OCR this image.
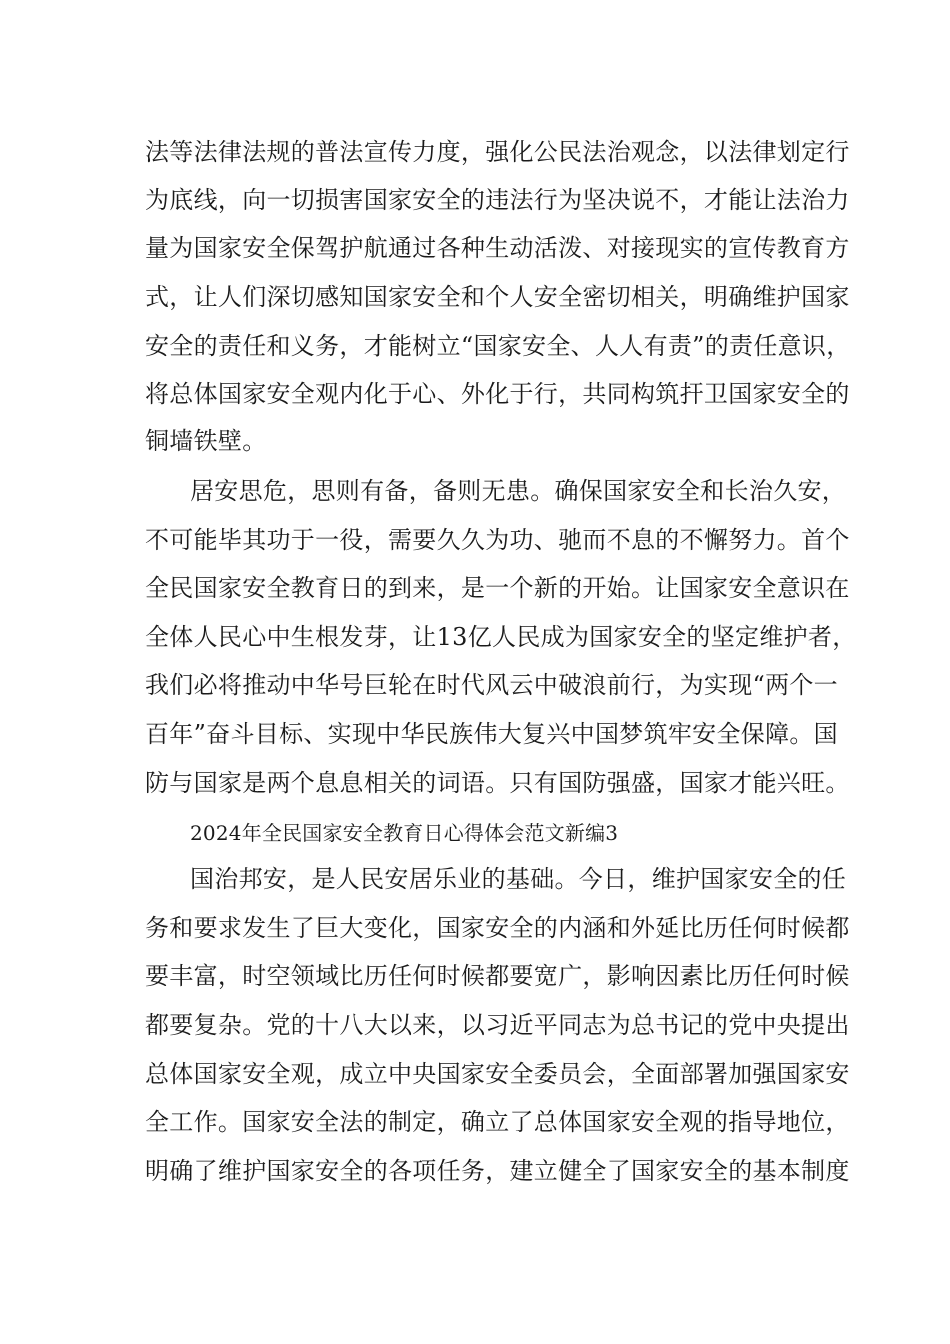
法等法律法规的普法宣传力度，强化公民法治观念，以法律划定行
为底线，向一切损害国家安全的违法行为坚决说不，才能让法治力
量为国家安全保驾护航通过各种生动活泼、对接现实的宣传教育方
式，让人们深切感知国家安全和个人安全密切相关，明确维护国家
安全的责任和义务，才能树立“国家安全、人人有责”的责任意识，
将总体国家安全观内化于心、外化于行，共同构筑扞卫国家安全的
铜墙铁壁。
居安思危，思则有备，备则无患。确保国家安全和长治久安，
不可能毕其功于一役，需要久久为功、驰而不息的不懈努力。首个
全民国家安全教育日的到来，是一个新的开始。让国家安全意识在
全体人民心中生根发芽，让13亿人民成为国家安全的坚定维护者，
我们必将推动中华号巨轮在时代风云中破浪前行，为实现“两个一
百年”奋斗目标、实现中华民族伟大复兴中国梦筑牢安全保障。国
防与国家是两个息息相关的词语。只有国防强盛，国家才能兴旺。
2024年全民国家安全教育日心得体会范文新编3
国治邦安，是人民安居乐业的基础。今日，维护国家安全的任
务和要求发生了巨大变化，国家安全的内涵和外延比历任何时候都
要丰富，时空领域比历任何时候都要宽广，影响因素比历任何时候
都要复杂。党的十八大以来，以习近平同志为总书记的党中央提出
总体国家安全观，成立中央国家安全委员会，全面部署加强国家安
全工作。国家安全法的制定，确立了总体国家安全观的指导地位，
明确了维护国家安全的各项任务，建立健全了国家安全的基本制度
